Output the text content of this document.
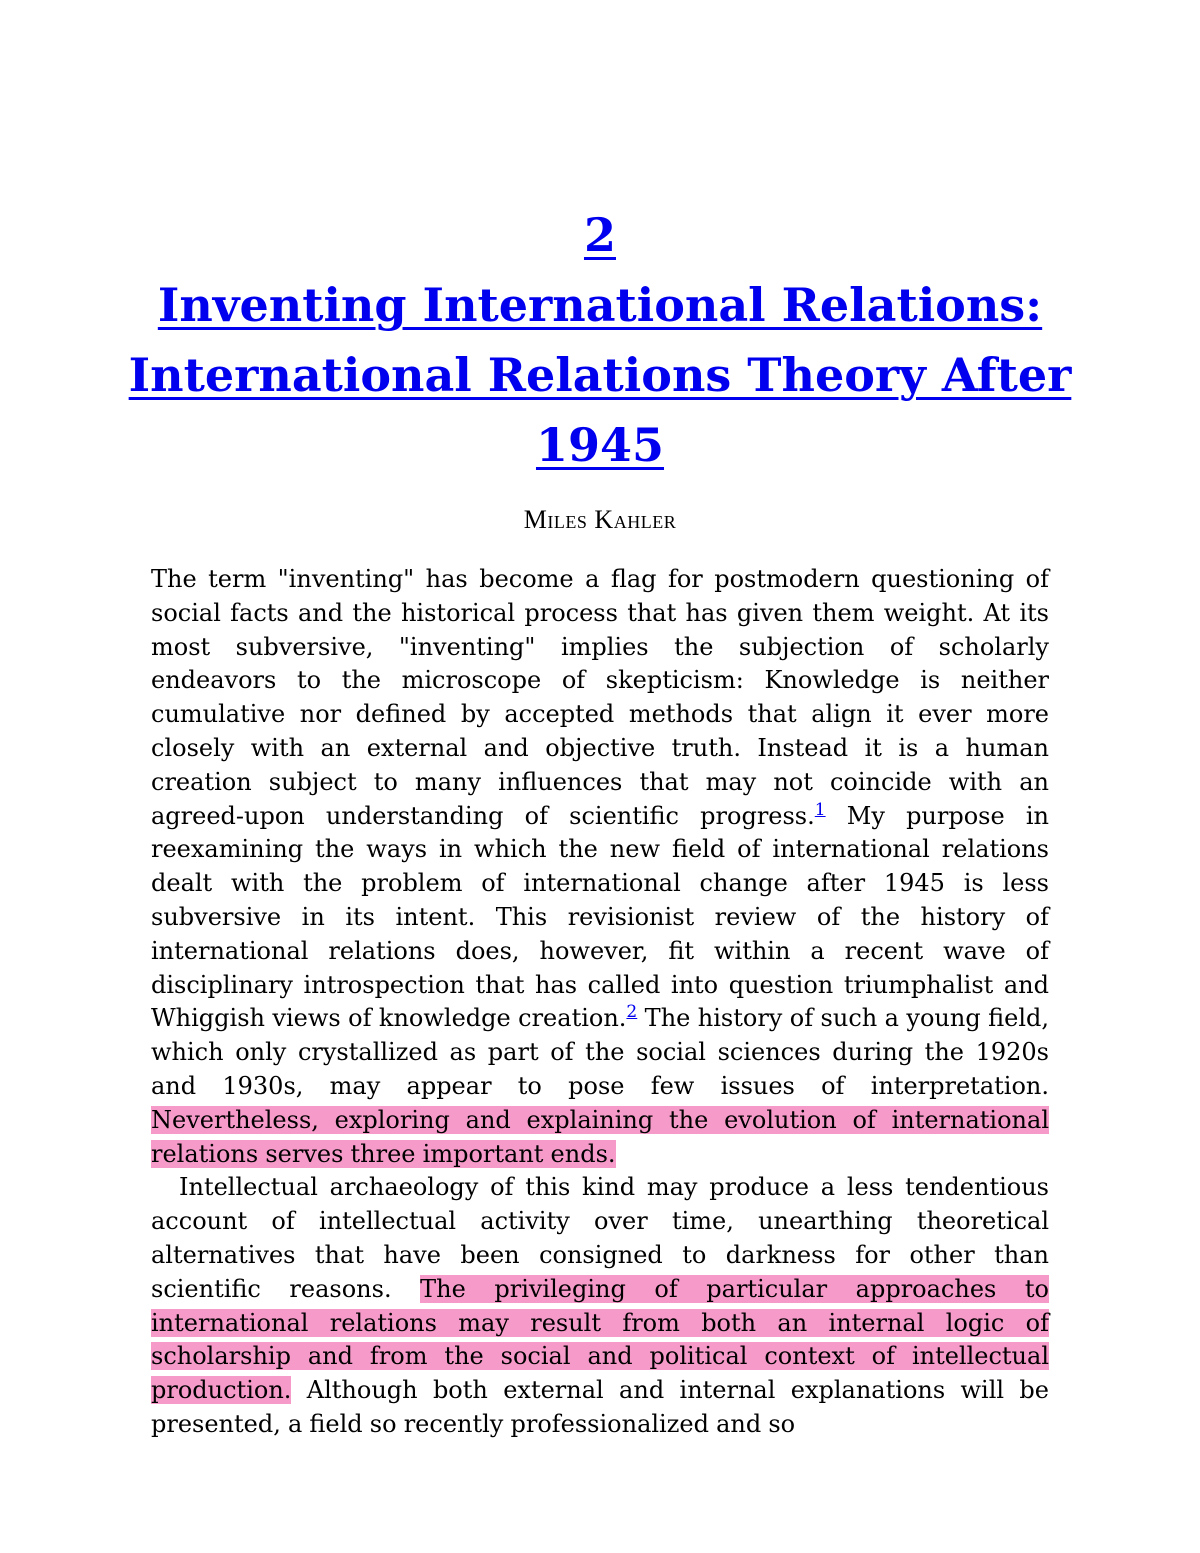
2
Inventing International Relations:
International Relations Theory After
1945
Miles Kahler

The term "inventing" has become a flag for postmodern questioning of social facts and the historical process that has given them weight. At its most subversive, "inventing" implies the subjection of scholarly endeavors to the microscope of skepticism: Knowledge is neither cumulative nor defined by accepted methods that align it ever more closely with an external and objective truth. Instead it is a human creation subject to many influences that may not coincide with an agreed-upon understanding of scientific progress.$^1$ My purpose in reexamining the ways in which the new field of international relations dealt with the problem of international change after 1945 is less subversive in its intent. This revisionist review of the history of international relations does, however, fit within a recent wave of disciplinary introspection that has called into question triumphalist and Whiggish views of knowledge creation.$^2$ The history of such a young field, which only crystallized as part of the social sciences during the 1920s and 1930s, may appear to pose few issues of interpretation. Nevertheless, exploring and explaining the evolution of international relations serves three important ends.

Intellectual archaeology of this kind may produce a less tendentious account of intellectual activity over time, unearthing theoretical alternatives that have been consigned to darkness for other than scientific reasons. The privileging of particular approaches to international relations may result from both an internal logic of scholarship and from the social and political context of intellectual production. Although both external and internal explanations will be presented, a field so recently professionalized and so
